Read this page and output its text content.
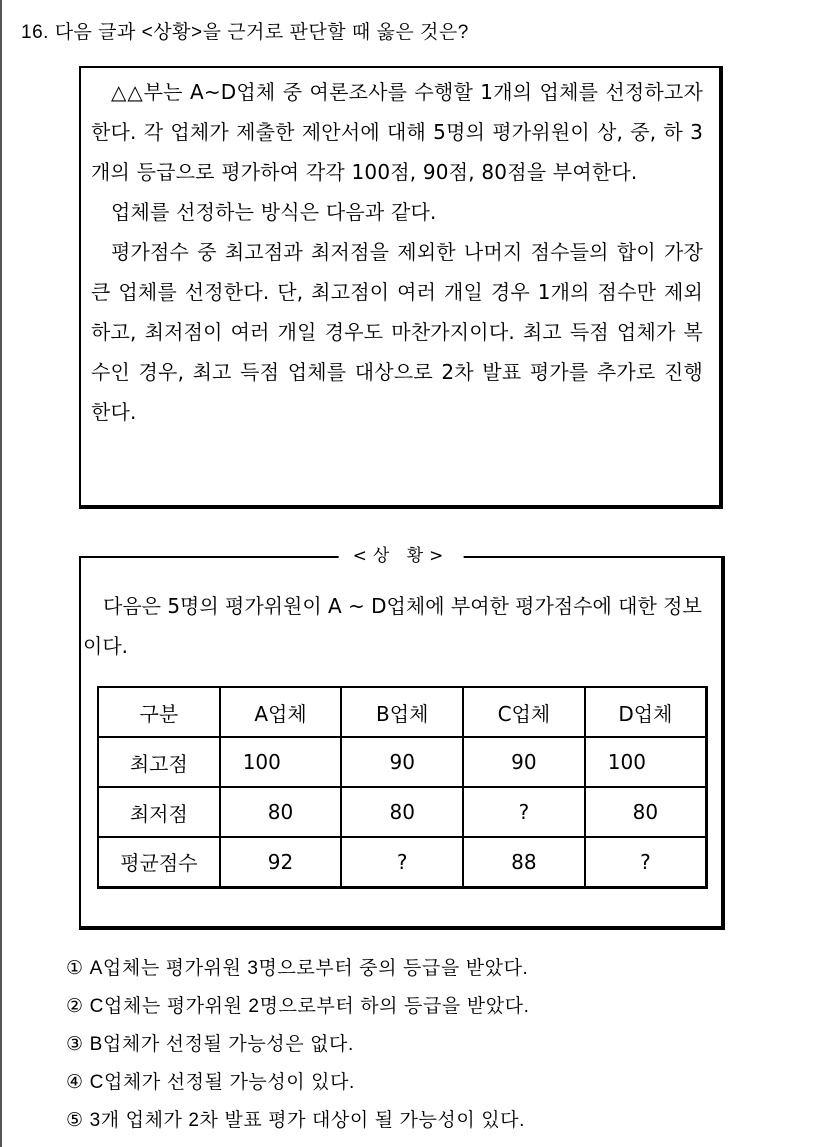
16. 다음 글과 <상황>을 근거로 판단할 때 옳은 것은?

△△부는 A~D업체 중 여론조사를 수행할 1개의 업체를 선정하고자 한다. 각 업체가 제출한 제안서에 대해 5명의 평가위원이 상, 중, 하 3개의 등급으로 평가하여 각각 100점, 90점, 80점을 부여한다.

업체를 선정하는 방식은 다음과 같다.

평가점수 중 최고점과 최저점을 제외한 나머지 점수들의 합이 가장 큰 업체를 선정한다. 단, 최고점이 여러 개일 경우 1개의 점수만 제외하고, 최저점이 여러 개일 경우도 마찬가지이다. 최고 득점 업체가 복수인 경우, 최고 득점 업체를 대상으로 2차 발표 평가를 추가로 진행한다.

<상 황>

다음은 5명의 평가위원이 A ~ D업체에 부여한 평가점수에 대한 정보이다.

구분	A업체	B업체	C업체	D업체
최고점	100	90	90	100
최저점	80	80	?	80
평균점수	92	?	88	?
① A업체는 평가위원 3명으로부터 중의 등급을 받았다.
② C업체는 평가위원 2명으로부터 하의 등급을 받았다.
③ B업체가 선정될 가능성은 없다.
④ C업체가 선정될 가능성이 있다.
⑤ 3개 업체가 2차 발표 평가 대상이 될 가능성이 있다.
